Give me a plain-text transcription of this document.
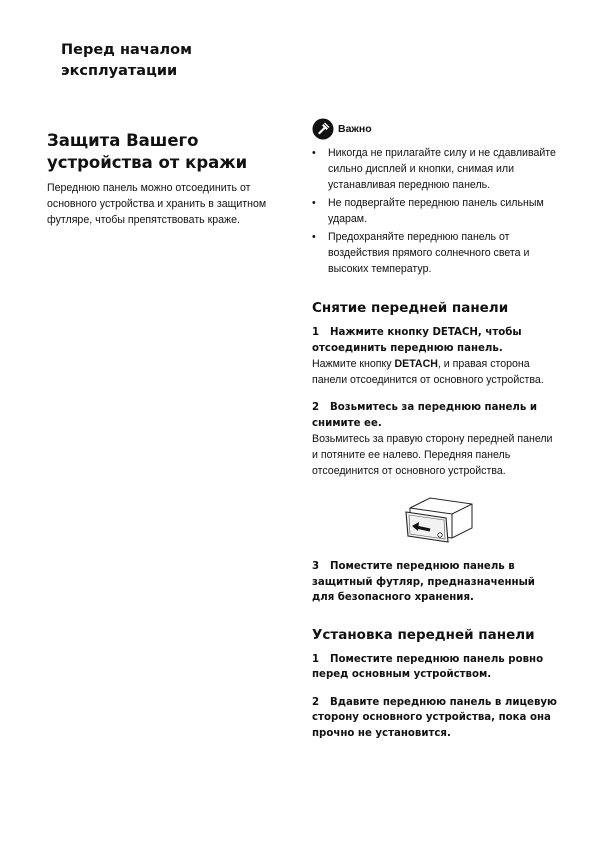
Перед началом эксплуатации
Защита Вашего устройства от кражи

Переднюю панель можно отсоединить от основного устройства и хранить в защитном футляре, чтобы препятствовать краже.

Важно
• Никогда не прилагайте силу и не сдавливайте сильно дисплей и кнопки, снимая или устанавливая переднюю панель.
• Не подвергайте переднюю панель сильным ударам.
• Предохраняйте переднюю панель от воздействия прямого солнечного света и высоких температур.
Снятие передней панели

1 Нажмите кнопку DETACH, чтобы отсоединить переднюю панель.

Нажмите кнопку DETACH, и правая сторона панели отсоединится от основного устройства.

2 Возьмитесь за переднюю панель и снимите ее.

Возьмитесь за правую сторону передней панели и потяните ее налево. Передняя панель отсоединится от основного устройства.

3 Поместите переднюю панель в защитный футляр, предназначенный для безопасного хранения.

Установка передней панели

1 Поместите переднюю панель ровно перед основным устройством.

2 Вдавите переднюю панель в лицевую сторону основного устройства, пока она прочно не установится.
